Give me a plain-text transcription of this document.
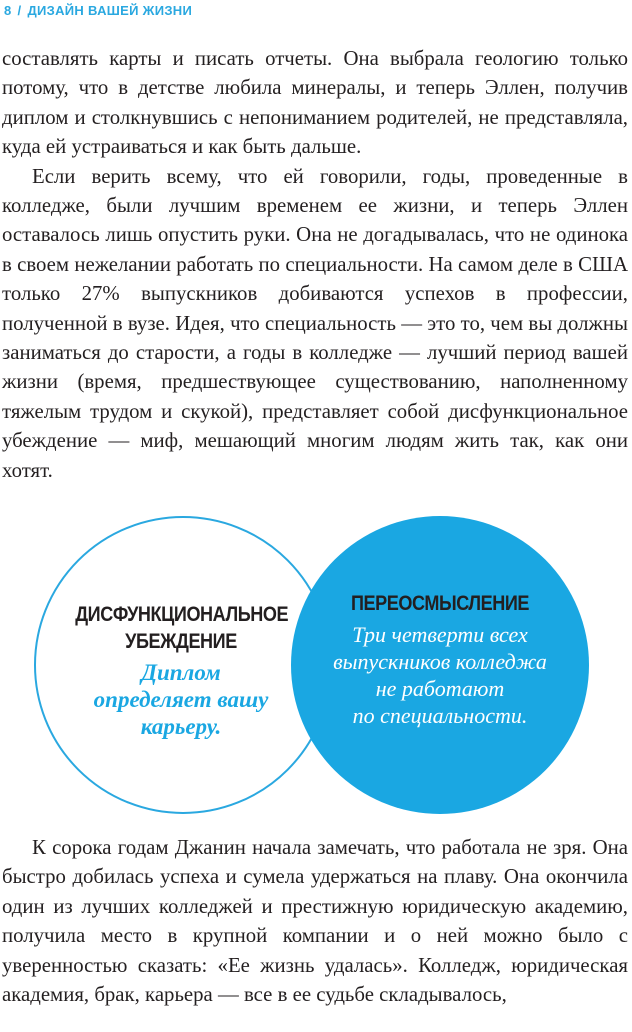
8 / ДИЗАЙН ВАШЕЙ ЖИЗНИ

составлять карты и писать отчеты. Она выбрала геологию только потому, что в детстве любила минералы, и теперь Эллен, получив диплом и столкнувшись с непониманием родителей, не представляла, куда ей устраиваться и как быть дальше.

Если верить всему, что ей говорили, годы, проведенные в колледже, были лучшим временем ее жизни, и теперь Эллен оставалось лишь опустить руки. Она не догадывалась, что не одинока в своем нежелании работать по специальности. На самом деле в США только 27% выпускников добиваются успехов в профессии, полученной в вузе. Идея, что специальность — это то, чем вы должны заниматься до старости, а годы в колледже — лучший период вашей жизни (время, предшествующее существованию, наполненному тяжелым трудом и скукой), представляет собой дисфункциональное убеждение — миф, мешающий многим людям жить так, как они хотят.

ДИСФУНКЦИОНАЛЬНОЕ
УБЕЖДЕНИЕ
Диплом
определяет вашу
карьеру.
ПЕРЕОСМЫСЛЕНИЕ
Три четверти всех
выпускников колледжа
не работают
по специальности.

К сорока годам Джанин начала замечать, что работала не зря. Она быстро добилась успеха и сумела удержаться на плаву. Она окончила один из лучших колледжей и престижную юридическую академию, получила место в крупной компании и о ней можно было с уверенностью сказать: «Ее жизнь удалась». Колледж, юридическая академия, брак, карьера — все в ее судьбе складывалось,
